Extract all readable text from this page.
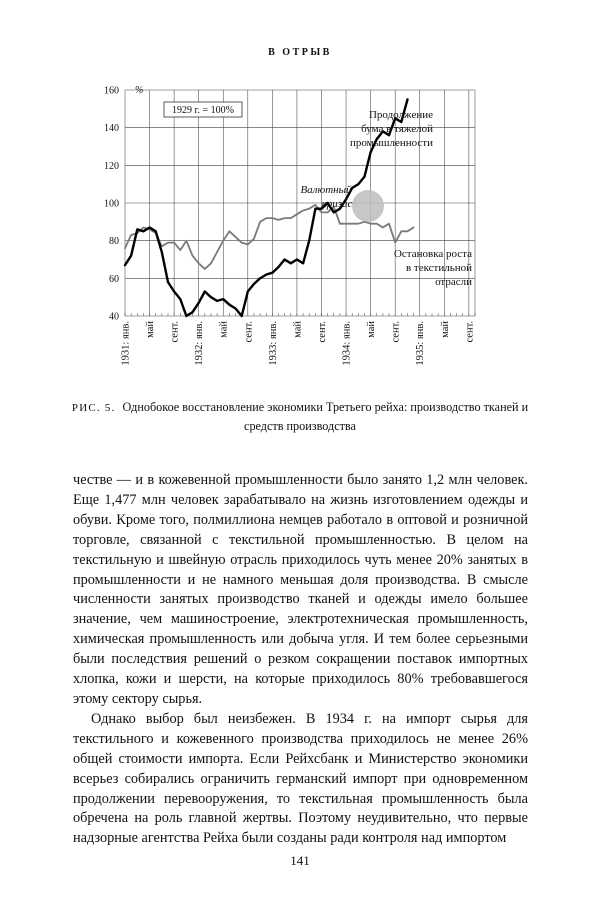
В ОТРЫВ
40
60
80
100
120
140
160 %
1931: янв. май сент. 1932: янв. май сент. 1933: янв. май сент. 1934: янв. май сент. 1935: янв. май сент.
1929 г. = 100%	Продолжение
бума в тяжелой
промышленности
Валютный
кризис
Остановка роста
в текстильной
отрасли
РИС. 5. Однобокое восстановление экономики Третьего рейха: производство тканей и средств производства

честве — и в кожевенной промышленности было занято 1,2 млн человек. Еще 1,477 млн человек зарабатывало на жизнь изготовлением одежды и обуви. Кроме того, полмиллиона немцев работало в оптовой и розничной торговле, связанной с текстильной промышленностью. В целом на текстильную и швейную отрасль приходилось чуть менее 20% занятых в промышленности и не намного меньшая доля производства. В смысле численности занятых производство тканей и одежды имело большее значение, чем машиностроение, электротехническая промышленность, химическая промышленность или добыча угля. И тем более серьезными были последствия решений о резком сокращении поставок импортных хлопка, кожи и шерсти, на которые приходилось 80% требовавшегося этому сектору сырья.

Однако выбор был неизбежен. В 1934 г. на импорт сырья для текстильного и кожевенного производства приходилось не менее 26% общей стоимости импорта. Если Рейхсбанк и Министерство экономики всерьез собирались ограничить германский импорт при одновременном продолжении перевооружения, то текстильная промышленность была обречена на роль главной жертвы. Поэтому неудивительно, что первые надзорные агентства Рейха были созданы ради контроля над импортом

141
